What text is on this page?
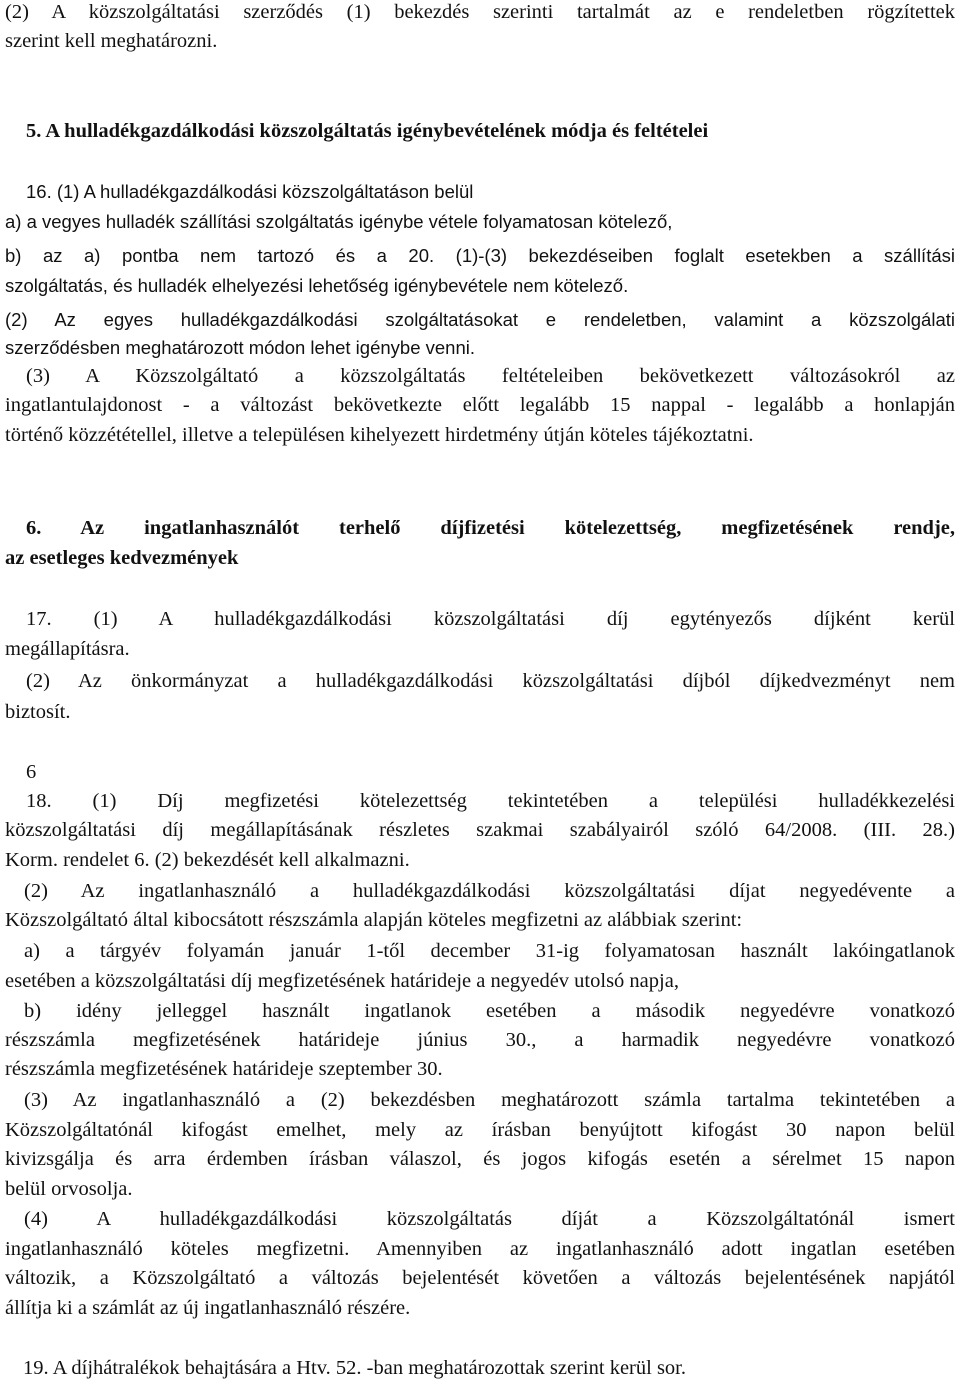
(2) A közszolgáltatási szerződés (1) bekezdés szerinti tartalmát az e rendeletben rögzítettek
szerint kell meghatározni.
5. A hulladékgazdálkodási közszolgáltatás igénybevételének módja és feltételei
16. (1) A hulladékgazdálkodási közszolgáltatáson belül
a) a vegyes hulladék szállítási szolgáltatás igénybe vétele folyamatosan kötelező,
b) az a) pontba nem tartozó és a 20. (1)-(3) bekezdéseiben foglalt esetekben a szállítási
szolgáltatás, és hulladék elhelyezési lehetőség igénybevétele nem kötelező.
(2) Az egyes hulladékgazdálkodási szolgáltatásokat e rendeletben, valamint a közszolgálati
szerződésben meghatározott módon lehet igénybe venni.
(3) A Közszolgáltató a közszolgáltatás feltételeiben bekövetkezett változásokról az
ingatlantulajdonost - a változást bekövetkezte előtt legalább 15 nappal - legalább a honlapján
történő közzététellel, illetve a településen kihelyezett hirdetmény útján köteles tájékoztatni.
6. Az ingatlanhasználót terhelő díjfizetési kötelezettség, megfizetésének rendje,
az esetleges kedvezmények
17. (1) A hulladékgazdálkodási közszolgáltatási díj egytényezős díjként kerül
megállapításra.
(2) Az önkormányzat a hulladékgazdálkodási közszolgáltatási díjból díjkedvezményt nem
biztosít.
6
18. (1) Díj megfizetési kötelezettség tekintetében a települési hulladékkezelési
közszolgáltatási díj megállapításának részletes szakmai szabályairól szóló 64/2008. (III. 28.)
Korm. rendelet 6. (2) bekezdését kell alkalmazni.
(2) Az ingatlanhasználó a hulladékgazdálkodási közszolgáltatási díjat negyedévente a
Közszolgáltató által kibocsátott részszámla alapján köteles megfizetni az alábbiak szerint:
a) a tárgyév folyamán január 1-től december 31-ig folyamatosan használt lakóingatlanok
esetében a közszolgáltatási díj megfizetésének határideje a negyedév utolsó napja,
b) idény jelleggel használt ingatlanok esetében a második negyedévre vonatkozó
részszámla megfizetésének határideje június 30., a harmadik negyedévre vonatkozó
részszámla megfizetésének határideje szeptember 30.
(3) Az ingatlanhasználó a (2) bekezdésben meghatározott számla tartalma tekintetében a
Közszolgáltatónál kifogást emelhet, mely az írásban benyújtott kifogást 30 napon belül
kivizsgálja és arra érdemben írásban válaszol, és jogos kifogás esetén a sérelmet 15 napon
belül orvosolja.
(4) A hulladékgazdálkodási közszolgáltatás díját a Közszolgáltatónál ismert
ingatlanhasználó köteles megfizetni. Amennyiben az ingatlanhasználó adott ingatlan esetében
változik, a Közszolgáltató a változás bejelentését követően a változás bejelentésének napjától
állítja ki a számlát az új ingatlanhasználó részére.
19. A díjhátralékok behajtására a Htv. 52. -ban meghatározottak szerint kerül sor.
